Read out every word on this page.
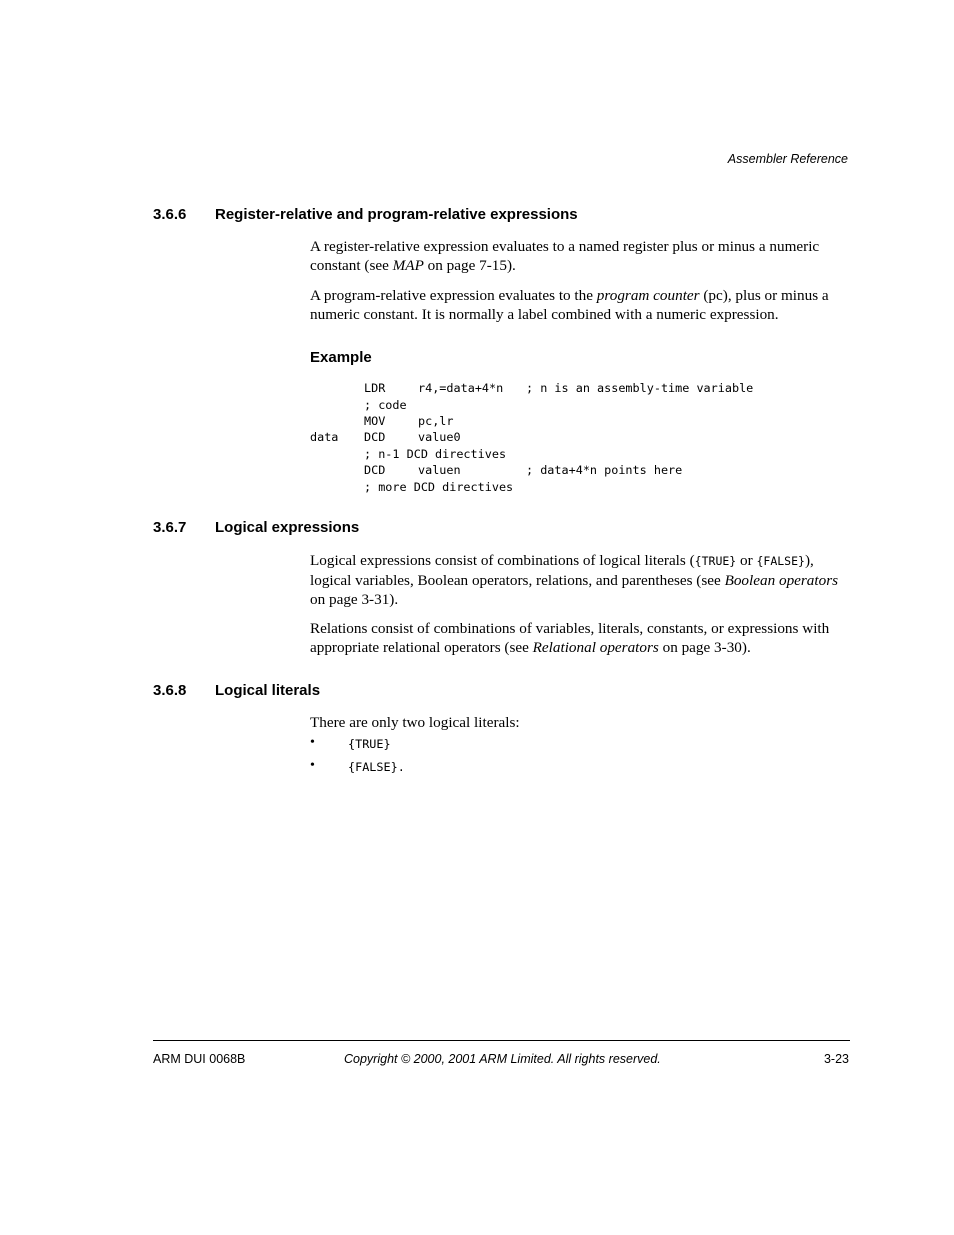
Assembler Reference
3.6.6 Register-relative and program-relative expressions
A register-relative expression evaluates to a named register plus or minus a numeric constant (see MAP on page 7-15).
A program-relative expression evaluates to the program counter (pc), plus or minus a numeric constant. It is normally a label combined with a numeric expression.
Example
LDR	r4,=data+4*n ; n is an assembly-time variable
; code
MOV	pc,lr
data DCD	value0
; n-1 DCD directives
DCD	valuen	; data+4*n points here
; more DCD directives
3.6.7 Logical expressions
Logical expressions consist of combinations of logical literals ({TRUE} or {FALSE}), logical variables, Boolean operators, relations, and parentheses (see Boolean operators on page 3-31).
Relations consist of combinations of variables, literals, constants, or expressions with appropriate relational operators (see Relational operators on page 3-30).
3.6.8 Logical literals
There are only two logical literals:
•	{TRUE}
•	{FALSE}.
ARM DUI 0068B	Copyright © 2000, 2001 ARM Limited. All rights reserved.	3-23
